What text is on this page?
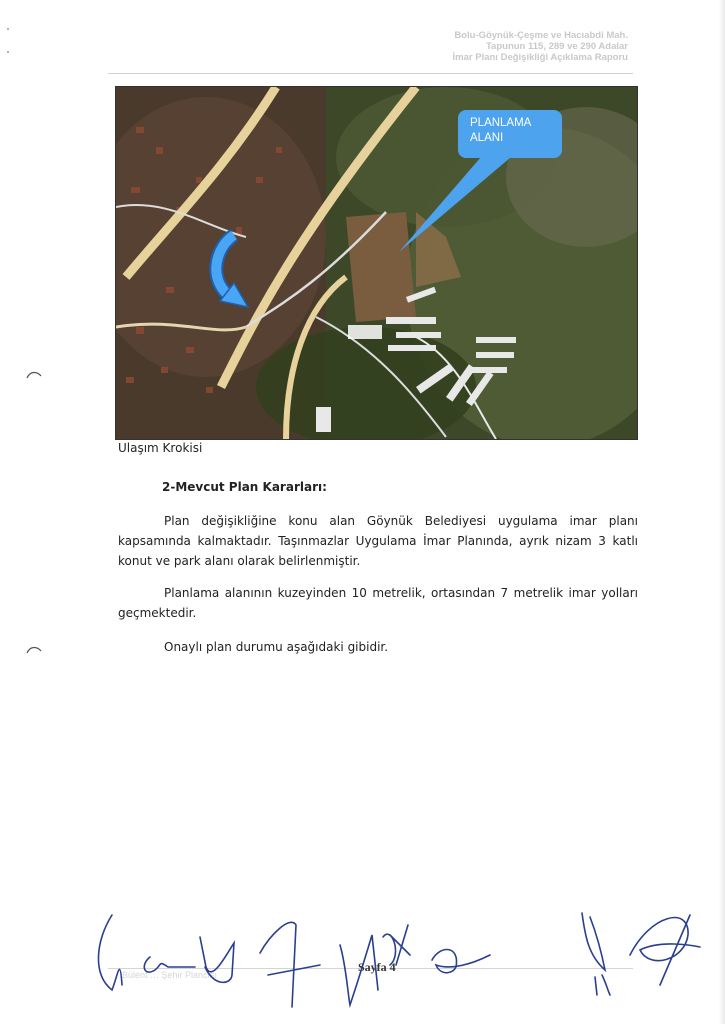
Bolu-Göynük-Çeşme ve Hacıabdi Mah.
Tapunun 115, 289 ve 290 Adalar
İmar Planı Değişikliği Açıklama Raporu
PLANLAMA
ALANI
Ulaşım Krokisi
2-Mevcut Plan Kararları:

Plan değişikliğine konu alan Göynük Belediyesi uygulama imar planı kapsamında kalmaktadır. Taşınmazlar Uygulama İmar Planında, ayrık nizam 3 katlı konut ve park alanı olarak belirlenmiştir.

Planlama alanının kuzeyinden 10 metrelik, ortasından 7 metrelik imar yolları geçmektedir.

Onaylı plan durumu aşağıdaki gibidir.

Bülent … Şehir Plancısı
Sayfa 4
